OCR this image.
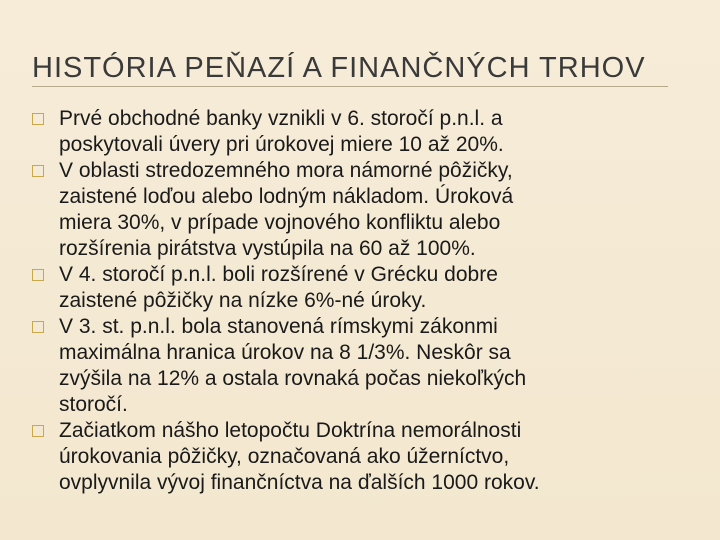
HISTÓRIA PEŇAZÍ A FINANČNÝCH TRHOV
Prvé obchodné banky vznikli v 6. storočí p.n.l. a
poskytovali úvery pri úrokovej miere 10 až 20%.
V oblasti stredozemného mora námorné pôžičky,
zaistené loďou alebo lodným nákladom. Úroková
miera 30%, v prípade vojnového konfliktu alebo
rozšírenia pirátstva vystúpila na 60 až 100%.
V 4. storočí p.n.l. boli rozšírené v Grécku dobre
zaistené pôžičky na nízke 6%-né úroky.
V 3. st. p.n.l. bola stanovená rímskymi zákonmi
maximálna hranica úrokov na 8 1/3%. Neskôr sa
zvýšila na 12% a ostala rovnaká počas niekoľkých
storočí.
Začiatkom nášho letopočtu Doktrína nemorálnosti
úrokovania pôžičky, označovaná ako úžerníctvo,
ovplyvnila vývoj finančníctva na ďalších 1000 rokov.
